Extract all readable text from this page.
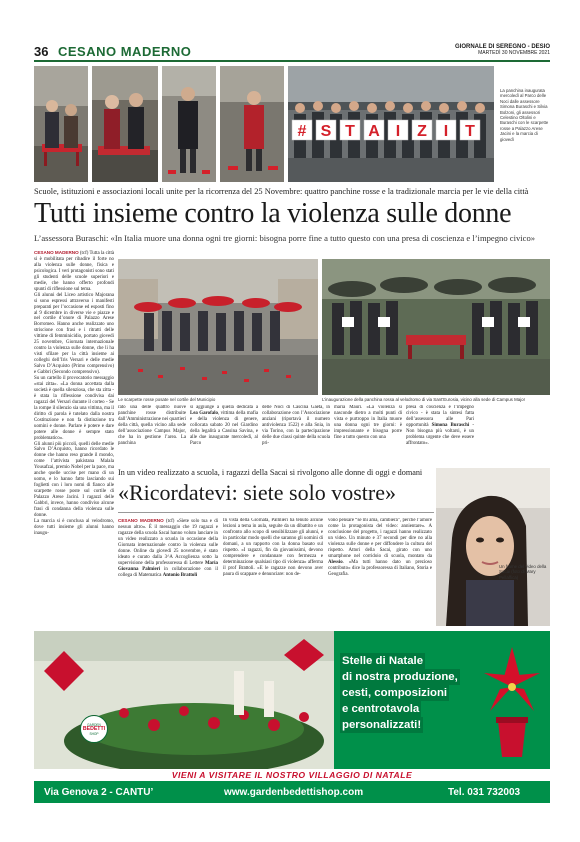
36 CESANO MADERNO	GIORNALE DI SEREGNO - DESIO
MARTEDÌ 30 NOVEMBRE 2021
# S T A I Z I T
La panchina inaugurata mercoledì al Parco delle Noci dalle assessore Simona Buraschi e Silvia Bolzoni, gli assessori Celestino Oltolini e Buraschi con le scarpette rosse a Palazzo Arese Jacini e la marcia di giovedì
Scuole, istituzioni e associazioni locali unite per la ricorrenza del 25 Novembre: quattro panchine rosse e la tradizionale marcia per le vie della città
Tutti insieme contro la violenza sulle donne
L’assessora Buraschi: «In Italia muore una donna ogni tre giorni: bisogna porre fine a tutto questo con una presa di coscienza e l’impegno civico»

CESANO MADERNO (tcf) Tutta la città si è mobilitata per ribadire il forte no alla violenza sulle donne, fisica e psicologica. I veri protagonisti sono stati gli studenti delle scuole superiori e medie, che hanno offerto profondi spunti di riflessione sul tema.

Gli alunni del Liceo artistico Majorana si sono espressi attraverso i manifesti preparati per l’occasione ed esposti fino al 9 dicembre in diverse vie e piazze e nel cortile d’onore di Palazzo Arese Borromeo. Hanno anche realizzato uno striscione con frasi e i ritratti delle vittime di femminicidio, portato giovedì 25 novembre, Giornata internazionale contro la violenza sulle donne, che li ha visti sfilare per la città insieme ai colleghi dell’Iris Versari e delle medie Salvo D’Acquisto (Primo comprensivo) e Gabbri (Secondo comprensivo).

Su un cartello il provocatorio messaggio «stai zitta». «La donna accettata dalla società è quella silenziosa, che sta zitta - è stata la riflessione condivisa dai ragazzi del Versari durante il corteo - Se la rompe il silenzio sia una vittima, ma il diritto di parola è tutelato dalla nostra Costituzione e non fa distinzione tra uomini e donne. Parlare è potere e dare potere alle donne è sempre stato problematico».

Gli alunni più piccoli, quelli delle medie Salvo D’Acquisto, hanno ricordato le donne che hanno reso grande il mondo, come l’attivista pakistana Malala Yousafzai, premio Nobel per la pace, ma anche quelle uccise per mano di un uomo, e lo hanno fatto lasciando sui foglietti con i loro nomi di fianco alle scarpette rosse poste sul cortile di Palazzo Arese Jacini. I ragazzi delle Gabbri, invece, hanno condiviso alcune frasi di condanna della violenza sulle donne.

La marcia si è conclusa al velodromo, dove tutti insieme gli alunni hanno inaugu-

Le scarpette rosse posate nel cortile del Municipio	L’inaugurazione della panchina rossa al velodromo di via Sant’Eurosia, vicino alla sede di Campus Major

rato una delle quattro nuove panchine rosse distribuite dall’Amministrazione nei quartieri della città, quella vicino alla sede dell’associazione Campus Major, che ha in gestione l’area. La panchina

si aggiunge a quella dedicata a Lea Garofalo, vittima della mafia e della violenza di genere, collocata sabato 20 nel Giardino della legalità a Cassina Savina, e alle due inaugurate mercoledì, al Parco

delle Noci di Cascina Gaeta, in collaborazione con l’Associazione anziani (riportavà il numero antiviolenza 1522) e alla Snia, in via Torino, con la partecipazione delle due classi quinte della scuola pri-

maria Mauri. «La violenza si nasconde dietro a molti punti di vista e purtroppo in Italia muore una donna ogni tre giorni: è impressionante e bisogna porre fine a tutto questo con una

presa di coscienza e l’impegno civico - è stata la sintesi fatta dell’assessora alle Pari opportunità Simona Buraschi - Non bisogna più voltarsi, è un problema urgente che deve essere affrontato».

In un video realizzato a scuola, i ragazzi della Sacai si rivolgono alle donne di oggi e domani
«Ricordatevi: siete solo vostre»

CESANO MADERNO (tcf) «Siete solo tua e di nessun altro». È il messaggio che 19 ragazzi e ragazze della scuola Sacai hanno voluto lanciare in un video realizzato a scuola in occasione della Giornata internazionale contro la violenza sulle donne. Online da giovedì 25 novembre, è stato ideato e curato dalla 3^A Accoglienza sotto la supervisione della professoressa di Lettere Maria Giovanna Palmieri in collaborazione con il collega di Matematica Antonio Brattoli

In vista della Giornata, Palmieri ha tenuto alcune lezioni a tema in aula, seguite da un dibattito e un confronto allo scopo di sensibilizzare gli alunni, e in particolar modo quelli che saranno gli uomini di domani, a un rapporto con la donna basato sul rispetto. «I ragazzi, fin da giovanissimi, devono comprendere e condannare con fermezza e determinazione qualsiasi tipo di violenza» afferma il prof Brattoli. «E le ragazze non devono aver paura di scappare e denunciare: non de-

vono pensare “se mi ama, cambierà”, perché l’amore come la protagonista del video: annientare». A conclusione del progetto, i ragazzi hanno realizzato un video. Un minuto e 37 secondi per dire no alla violenza sulle donne e per diffondere la cultura del rispetto. Attori della Sacai, girato con uno smartphone nel corridoio di scuola, montato da Alessio. «Ma tutti hanno dato un prezioso contributo» dice la professoressa di Italiano, Storia e Geografia.

Un frame del video della Sacai (foto di Mary Pellaffica)
GARDEN
BEDETTI
SHOP
Stelle di Natale
di nostra produzione,
cesti, composizioni
e centrotavola
personalizzati!
VIENI A VISITARE IL NOSTRO VILLAGGIO DI NATALE
Via Genova 2 - CANTU’	www.gardenbedettishop.com	Tel. 031 732003
